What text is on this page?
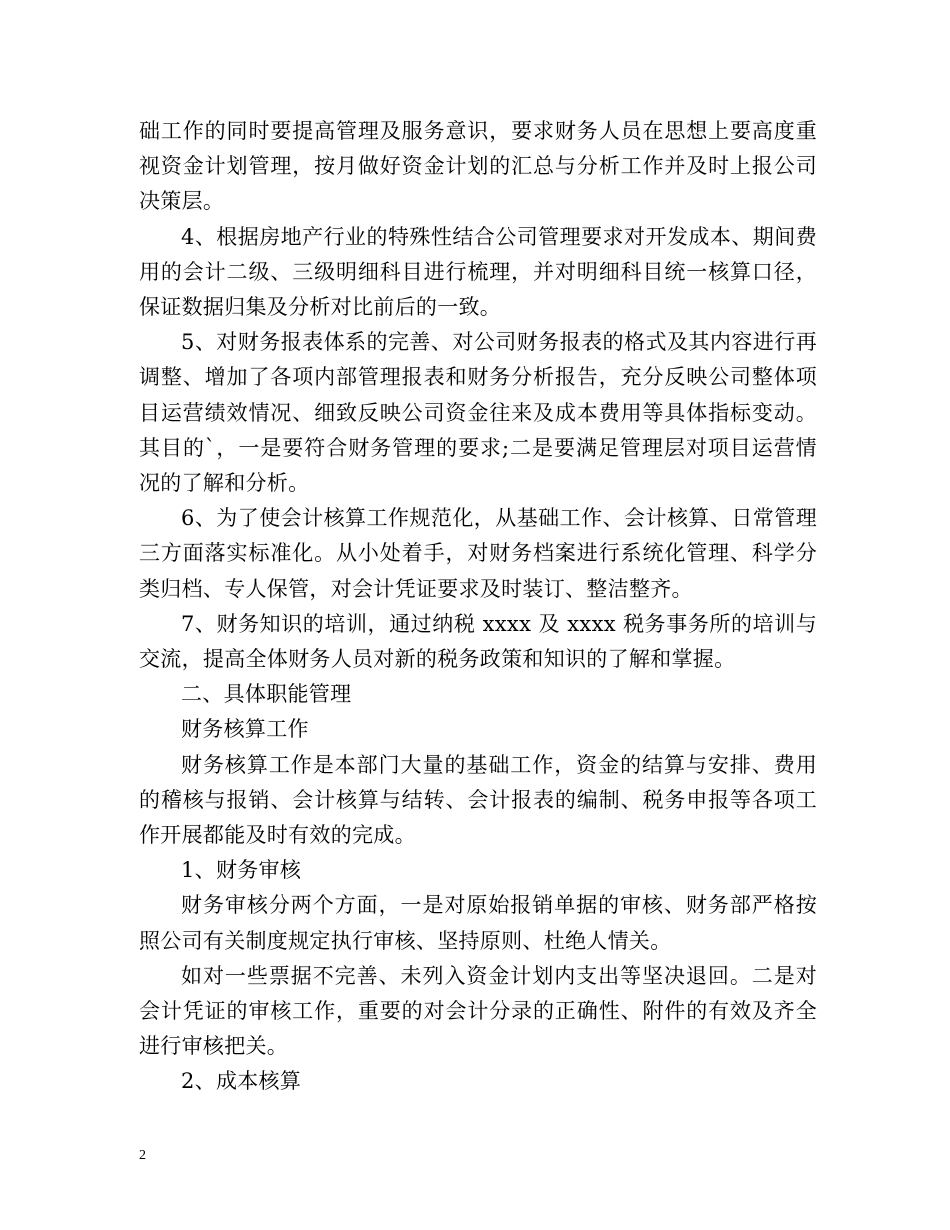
础工作的同时要提高管理及服务意识，要求财务人员在思想上要高度重视资金计划管理，按月做好资金计划的汇总与分析工作并及时上报公司决策层。

4、根据房地产行业的特殊性结合公司管理要求对开发成本、期间费用的会计二级、三级明细科目进行梳理，并对明细科目统一核算口径，保证数据归集及分析对比前后的一致。

5、对财务报表体系的完善、对公司财务报表的格式及其内容进行再调整、增加了各项内部管理报表和财务分析报告，充分反映公司整体项目运营绩效情况、细致反映公司资金往来及成本费用等具体指标变动。其目的`，一是要符合财务管理的要求;二是要满足管理层对项目运营情况的了解和分析。

6、为了使会计核算工作规范化，从基础工作、会计核算、日常管理三方面落实标准化。从小处着手，对财务档案进行系统化管理、科学分类归档、专人保管，对会计凭证要求及时装订、整洁整齐。

7、财务知识的培训，通过纳税 xxxx 及 xxxx 税务事务所的培训与交流，提高全体财务人员对新的税务政策和知识的了解和掌握。

二、具体职能管理

财务核算工作

财务核算工作是本部门大量的基础工作，资金的结算与安排、费用的稽核与报销、会计核算与结转、会计报表的编制、税务申报等各项工作开展都能及时有效的完成。

1、财务审核

财务审核分两个方面，一是对原始报销单据的审核、财务部严格按照公司有关制度规定执行审核、坚持原则、杜绝人情关。

如对一些票据不完善、未列入资金计划内支出等坚决退回。二是对会计凭证的审核工作，重要的对会计分录的正确性、附件的有效及齐全进行审核把关。

2、成本核算

2
